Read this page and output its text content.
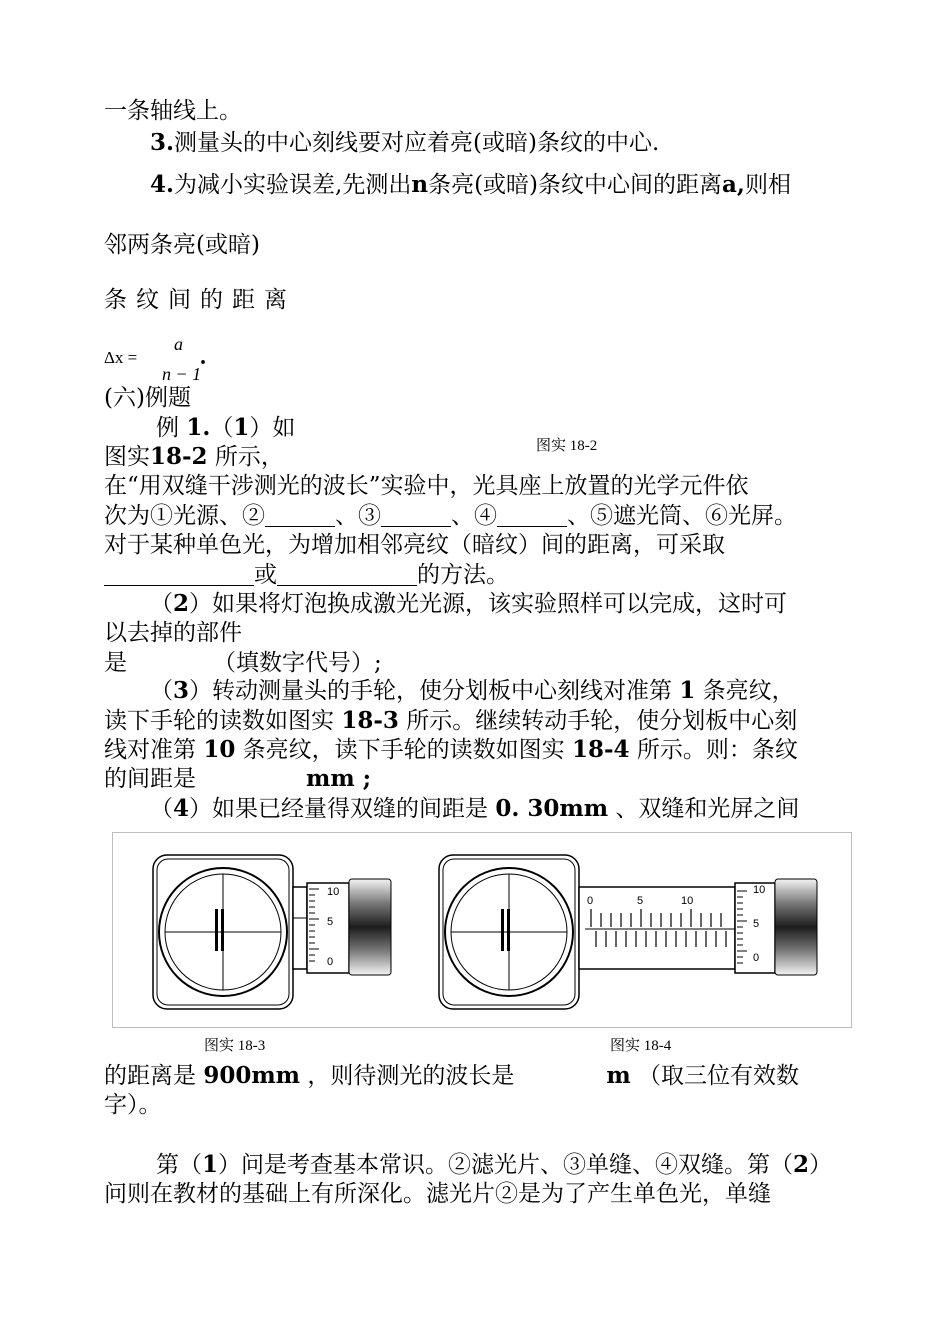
一条轴线上。
3.测量头的中心刻线要对应着亮(或暗)条纹的中心.
4.为减小实验误差,先测出n条亮(或暗)条纹中心间的距离a,则相
邻两条亮(或暗)
条纹间的距离
Δx =
a
n − 1
.
(六)例题
例 1.（1）如
图实 18-2
图实18-2 所示，
在“用双缝干涉测光的波长”实验中，光具座上放置的光学元件依
次为①光源、②	、③	、④	、⑤遮光筒、⑥光屏。
对于某种单色光，为增加相邻亮纹（暗纹）间的距离，可采取
或	的方法。
（2）如果将灯泡换成激光光源，该实验照样可以完成，这时可
以去掉的部件
是	（填数字代号）;
（3）转动测量头的手轮，使分划板中心刻线对准第 1 条亮纹，
读下手轮的读数如图实 18-3 所示。继续转动手轮，使分划板中心刻
线对准第 10 条亮纹，读下手轮的读数如图实 18-4 所示。则：条纹
的间距是	mm ;
（4）如果已经量得双缝的间距是 0. 30mm 、双缝和光屏之间
10
5
0
0	5	10
10
5
0
图实 18-3	图实 18-4
的距离是 900mm ，则待测光的波长是	m （取三位有效数
字）。
第（1）问是考查基本常识。②滤光片、③单缝、④双缝。第（2）
问则在教材的基础上有所深化。滤光片②是为了产生单色光，单缝
